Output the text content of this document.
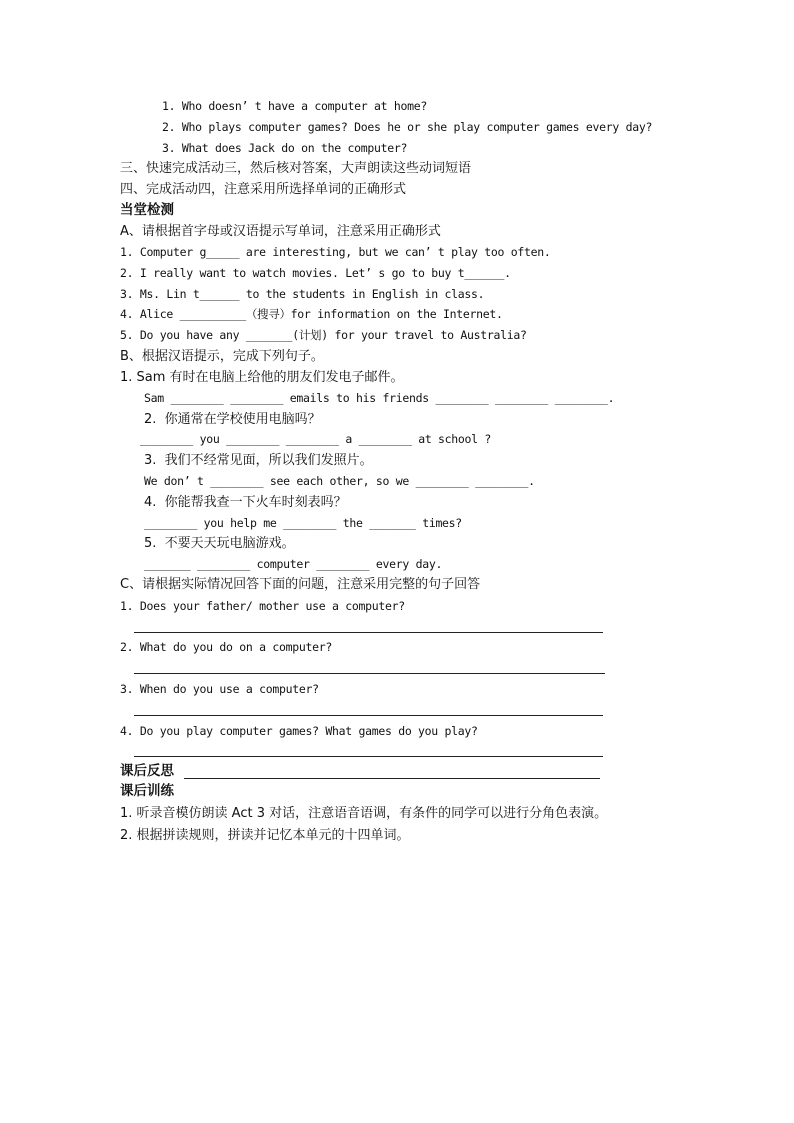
1. Who doesn’ t have a computer at home?
2. Who plays computer games? Does he or she play computer games every day?
3. What does Jack do on the computer?
三、快速完成活动三，然后核对答案，大声朗读这些动词短语
四、完成活动四，注意采用所选择单词的正确形式
当堂检测
A、请根据首字母或汉语提示写单词，注意采用正确形式
1. Computer g_____ are interesting, but we can’ t play too often.
2. I really want to watch movies. Let’ s go to buy t______.
3. Ms. Lin t______ to the students in English in class.
4. Alice __________（搜寻）for information on the Internet.
5. Do you have any _______(计划) for your travel to Australia?
B、根据汉语提示，完成下列句子。
1. Sam 有时在电脑上给他的朋友们发电子邮件。
Sam ________ ________ emails to his friends ________ ________ ________.
2.  你通常在学校使用电脑吗？
________ you ________ ________ a ________ at school ?
3.  我们不经常见面，所以我们发照片。
We don’ t ________ see each other, so we ________ ________.
4.  你能帮我查一下火车时刻表吗？
________ you help me ________ the _______ times?
5.  不要天天玩电脑游戏。
_______ ________ computer ________ every day.
C、请根据实际情况回答下面的问题，注意采用完整的句子回答
1. Does your father/ mother use a computer?
2. What do you do on a computer?
3. When do you use a computer?
4. Do you play computer games? What games do you play?
课后反思
课后训练
1. 听录音模仿朗读 Act 3 对话，注意语音语调，有条件的同学可以进行分角色表演。
2. 根据拼读规则，拼读并记忆本单元的十四单词。
